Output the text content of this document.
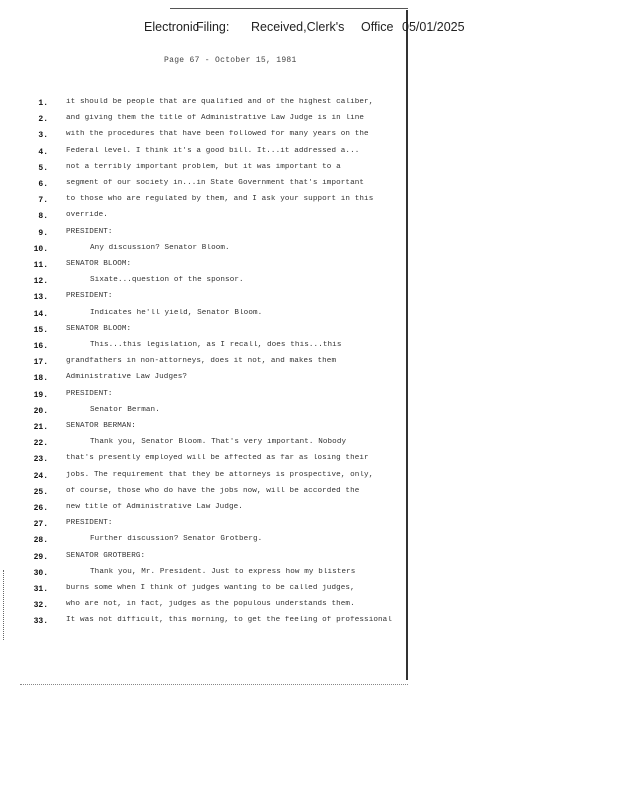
Electronic
Filing: Received,Clerk's Office 05/01/2025
Page 67 - October 15, 1981
1. it should be people that are qualified and of the highest caliber,
2. and giving them the title of Administrative Law Judge is in line
3. with the procedures that have been followed for many years on the
4. Federal level. I think it's a good bill. It...it addressed a...
5. not a terribly important problem, but it was important to a
6. segment of our society in...in State Government that's important
7. to those who are regulated by them, and I ask your support in this
8. override.
9. PRESIDENT:
10.	Any discussion? Senator Bloom.
11. SENATOR BLOOM:
12.	Sixate...question of the sponsor.
13. PRESIDENT:
14.	Indicates he'll yield, Senator Bloom.
15. SENATOR BLOOM:
16.	This...this legislation, as I recall, does this...this
17. grandfathers in non-attorneys, does it not, and makes them
18. Administrative Law Judges?
19. PRESIDENT:
20.	Senator Berman.
21. SENATOR BERMAN:
22.	Thank you, Senator Bloom. That's very important. Nobody
23. that's presently employed will be affected as far as losing their
24. jobs. The requirement that they be attorneys is prospective, only,
25. of course, those who do have the jobs now, will be accorded the
26. new title of Administrative Law Judge.
27. PRESIDENT:
28.	Further discussion? Senator Grotberg.
29. SENATOR GROTBERG:
30.	Thank you, Mr. President. Just to express how my blisters
31. burns some when I think of judges wanting to be called judges,
32. who are not, in fact, judges as the populous understands them.
33. It was not difficult, this morning, to get the feeling of professional
